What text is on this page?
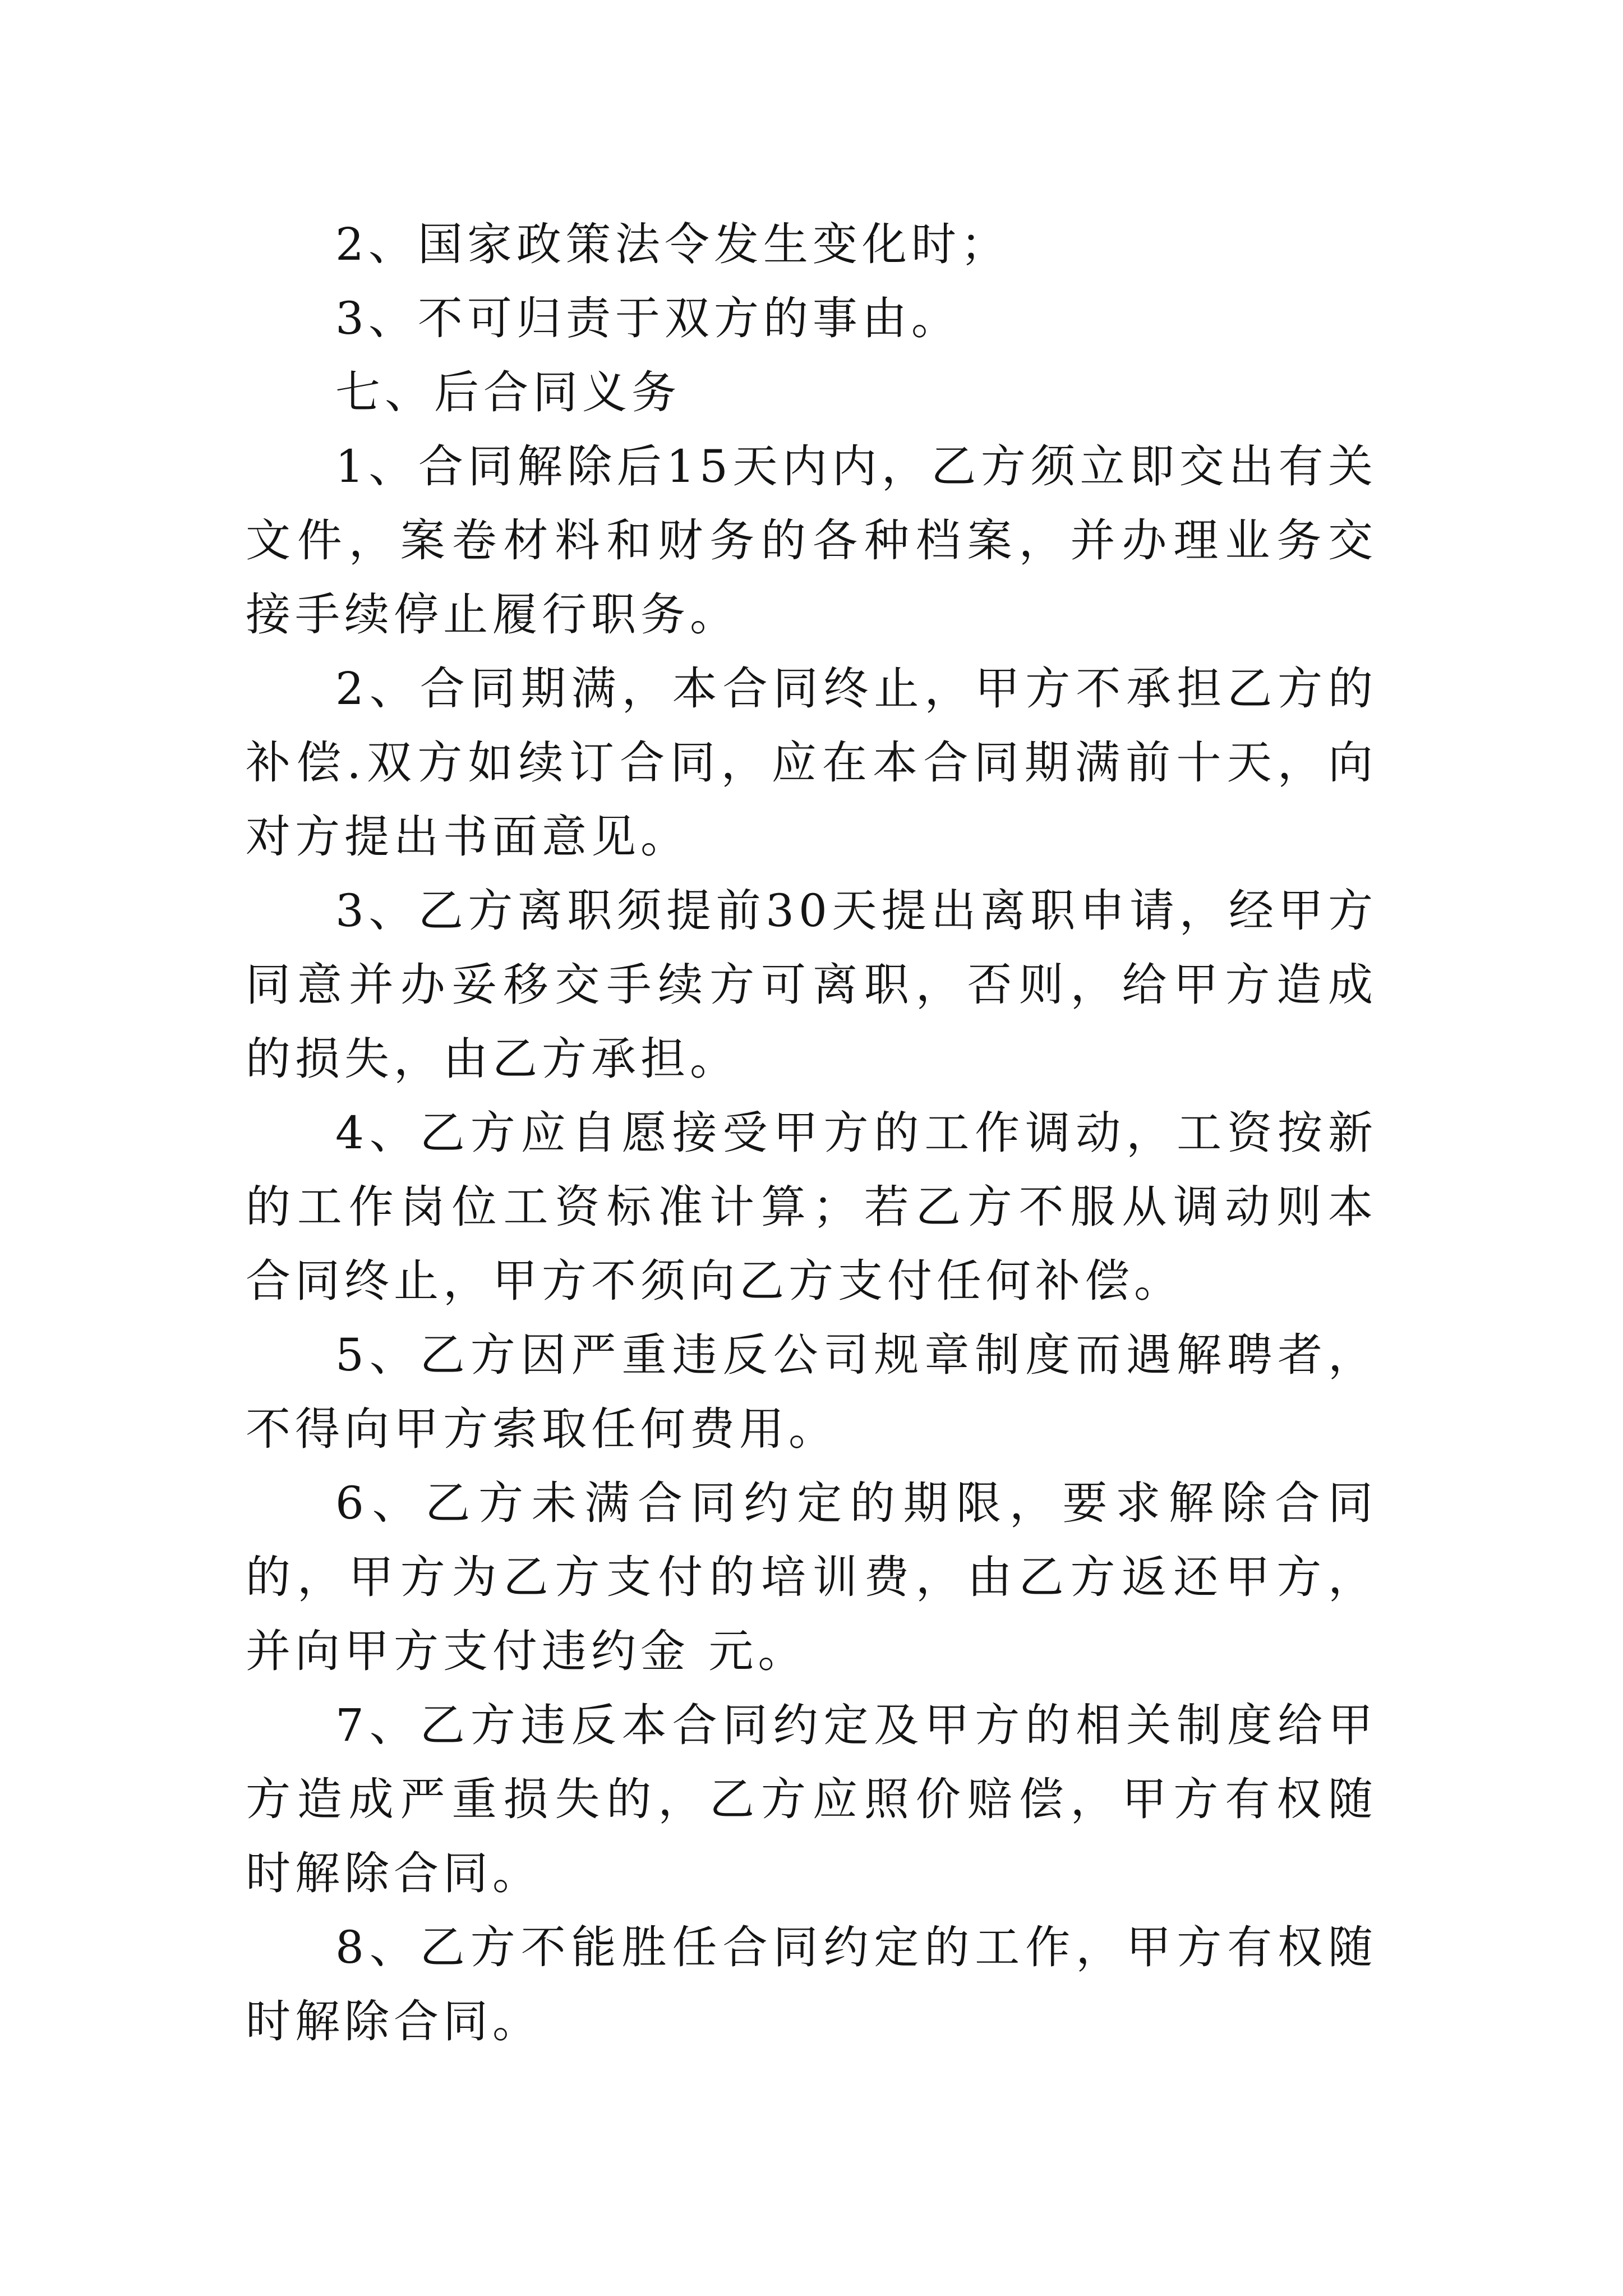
2、国家政策法令发生变化时；

3、不可归责于双方的事由。

七、后合同义务

1、合同解除后15天内内，乙方须立即交出有关文件，案卷材料和财务的各种档案，并办理业务交接手续停止履行职务。

2、合同期满，本合同终止，甲方不承担乙方的补偿.双方如续订合同，应在本合同期满前十天，向对方提出书面意见。

3、乙方离职须提前30天提出离职申请，经甲方同意并办妥移交手续方可离职，否则，给甲方造成的损失，由乙方承担。

4、乙方应自愿接受甲方的工作调动，工资按新的工作岗位工资标准计算；若乙方不服从调动则本合同终止，甲方不须向乙方支付任何补偿。

5、乙方因严重违反公司规章制度而遇解聘者，不得向甲方索取任何费用。

6、乙方未满合同约定的期限，要求解除合同的，甲方为乙方支付的培训费，由乙方返还甲方，并向甲方支付违约金 元。

7、乙方违反本合同约定及甲方的相关制度给甲方造成严重损失的，乙方应照价赔偿，甲方有权随时解除合同。

8、乙方不能胜任合同约定的工作，甲方有权随时解除合同。
